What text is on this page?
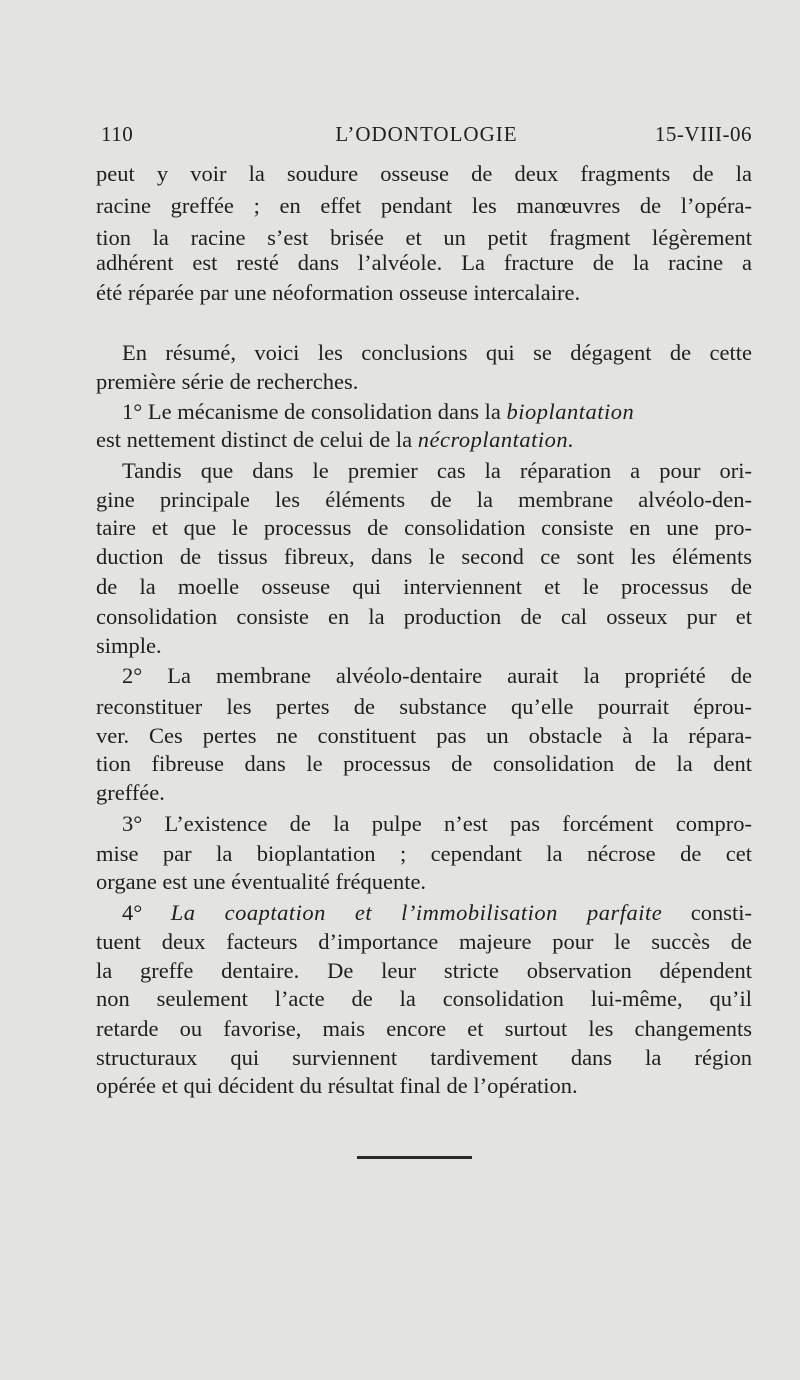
110	L’ODONTOLOGIE	15-VIII-06
peut y voir la soudure osseuse de deux fragments de la
racine greffée ; en effet pendant les manœuvres de l’opéra-
tion la racine s’est brisée et un petit fragment légèrement
adhérent est resté dans l’alvéole. La fracture de la racine a
été réparée par une néoformation osseuse intercalaire.
En résumé, voici les conclusions qui se dégagent de cette
première série de recherches.
1° Le mécanisme de consolidation dans la bioplantation
est nettement distinct de celui de la nécroplantation.
Tandis que dans le premier cas la réparation a pour ori-
gine principale les éléments de la membrane alvéolo-den-
taire et que le processus de consolidation consiste en une pro-
duction de tissus fibreux, dans le second ce sont les éléments
de la moelle osseuse qui interviennent et le processus de
consolidation consiste en la production de cal osseux pur et
simple.
2° La membrane alvéolo-dentaire aurait la propriété de
reconstituer les pertes de substance qu’elle pourrait éprou-
ver. Ces pertes ne constituent pas un obstacle à la répara-
tion fibreuse dans le processus de consolidation de la dent
greffée.
3° L’existence de la pulpe n’est pas forcément compro-
mise par la bioplantation ; cependant la nécrose de cet
organe est une éventualité fréquente.
4° La coaptation et l’immobilisation parfaite consti-
tuent deux facteurs d’importance majeure pour le succès de
la greffe dentaire. De leur stricte observation dépendent
non seulement l’acte de la consolidation lui-même, qu’il
retarde ou favorise, mais encore et surtout les changements
structuraux qui surviennent tardivement dans la région
opérée et qui décident du résultat final de l’opération.
